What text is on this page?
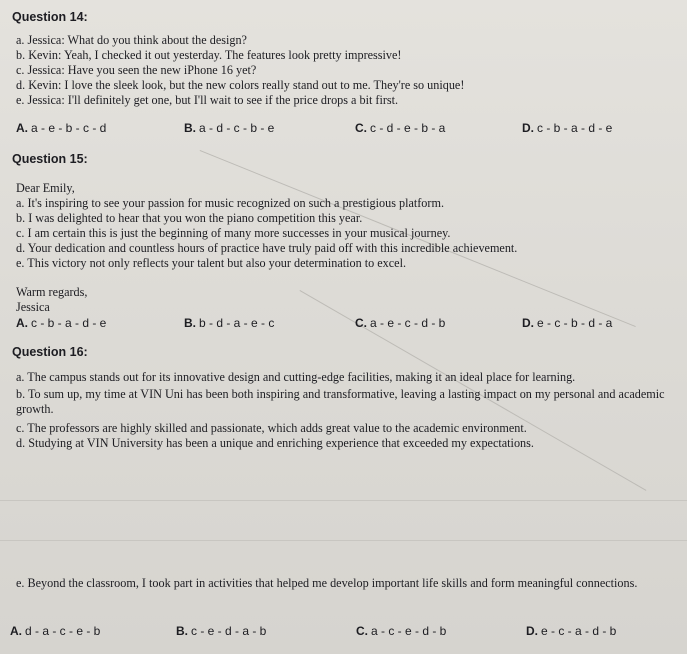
Question 14:
a. Jessica: What do you think about the design?
b. Kevin: Yeah, I checked it out yesterday. The features look pretty impressive!
c. Jessica: Have you seen the new iPhone 16 yet?
d. Kevin: I love the sleek look, but the new colors really stand out to me. They're so unique!
e. Jessica: I'll definitely get one, but I'll wait to see if the price drops a bit first.
A. a - e - b - c - d	B. a - d - c - b - e	C. c - d - e - b - a	D. c - b - a - d - e
Question 15:
Dear Emily,
a. It's inspiring to see your passion for music recognized on such a prestigious platform.
b. I was delighted to hear that you won the piano competition this year.
c. I am certain this is just the beginning of many more successes in your musical journey.
d. Your dedication and countless hours of practice have truly paid off with this incredible achievement.
e. This victory not only reflects your talent but also your determination to excel.
Warm regards,
Jessica
A. c - b - a - d - e	B. b - d - a - e - c	C. a - e - c - d - b	D. e - c - b - d - a
Question 16:
a. The campus stands out for its innovative design and cutting-edge facilities, making it an ideal place for learning.
b. To sum up, my time at VIN Uni has been both inspiring and transformative, leaving a lasting impact on my personal and academic growth.
c. The professors are highly skilled and passionate, which adds great value to the academic environment.
d. Studying at VIN University has been a unique and enriching experience that exceeded my expectations.
e. Beyond the classroom, I took part in activities that helped me develop important life skills and form meaningful connections.
A. d - a - c - e - b	B. c - e - d - a - b	C. a - c - e - d - b	D. e - c - a - d - b
